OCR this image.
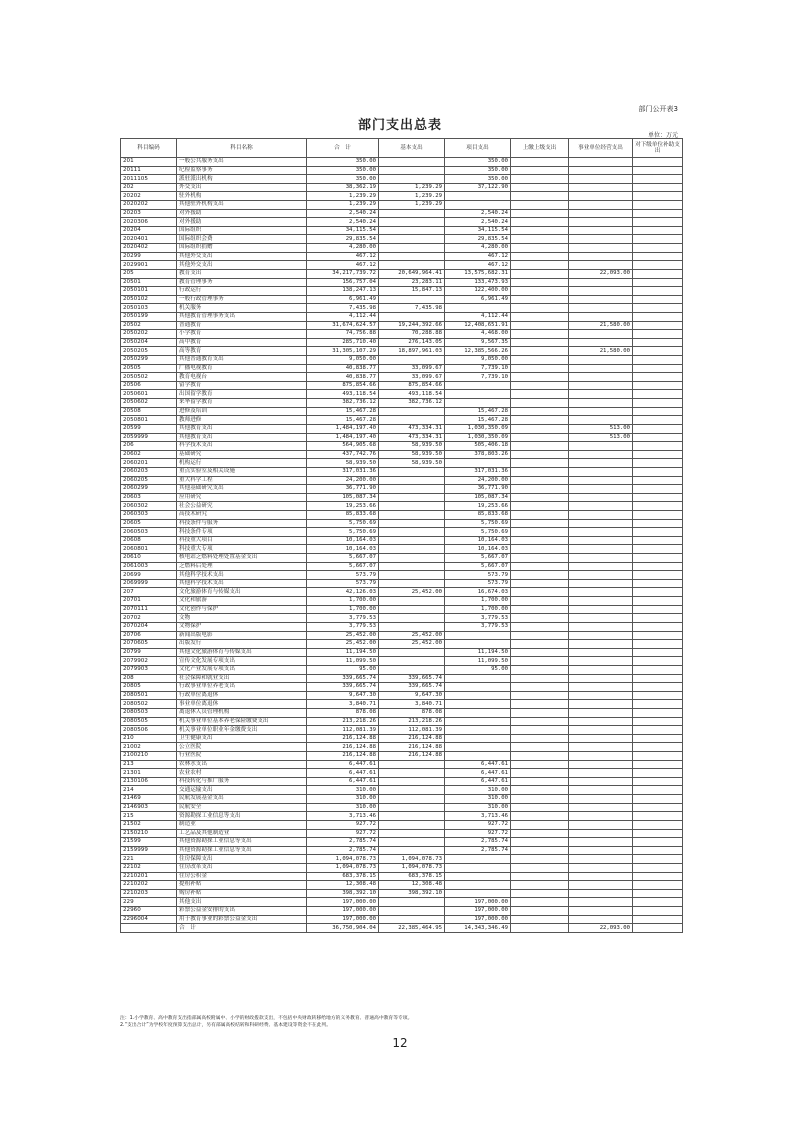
部门公开表3
部门支出总表
单位：万元
科目编码	科目名称	合　计	基本支出	项目支出	上缴上级支出	事业单位经营支出	对下级单位补助支出
201	一般公共服务支出	350.00		350.00			
20111	纪检监察事务	350.00		350.00			
2011105	派驻派出机构	350.00		350.00			
202	外交支出	38,362.19	1,239.29	37,122.90			
20202	驻外机构	1,239.29	1,239.29				
2020202	其他驻外机构支出	1,239.29	1,239.29				
20203	对外援助	2,540.24		2,540.24			
2020306	对外援助	2,540.24		2,540.24			
20204	国际组织	34,115.54		34,115.54			
2020401	国际组织会费	29,835.54		29,835.54			
2020402	国际组织捐赠	4,280.00		4,280.00			
20299	其他外交支出	467.12		467.12			
2029901	其他外交支出	467.12		467.12			
205	教育支出	34,217,739.72	20,649,964.41	13,575,682.31		22,093.00	
20501	教育管理事务	156,757.04	23,283.11	133,473.93			
2050101	行政运行	138,247.13	15,847.13	122,400.00			
2050102	一般行政管理事务	6,961.49		6,961.49			
2050103	机关服务	7,435.98	7,435.98				
2050199	其他教育管理事务支出	4,112.44		4,112.44			
20502	普通教育	31,674,624.57	19,244,392.66	12,408,651.91		21,580.00	
2050202	小学教育	74,756.88	70,288.88	4,468.00			
2050204	高中教育	285,710.40	276,143.05	9,567.35			
2050205	高等教育	31,305,107.29	18,897,961.03	12,385,566.26		21,580.00	
2050299	其他普通教育支出	9,050.00		9,050.00			
20505	广播电视教育	40,838.77	33,099.67	7,739.10			
2050502	教育电视台	40,838.77	33,099.67	7,739.10			
20506	留学教育	875,854.66	875,854.66				
2050601	出国留学教育	493,118.54	493,118.54				
2050602	来华留学教育	382,736.12	382,736.12				
20508	进修及培训	15,467.28		15,467.28			
2050801	教师进修	15,467.28		15,467.28			
20599	其他教育支出	1,484,197.40	473,334.31	1,030,350.09		513.00	
2059999	其他教育支出	1,484,197.40	473,334.31	1,030,350.09		513.00	
206	科学技术支出	564,905.68	58,939.50	505,406.18			
20602	基础研究	437,742.76	58,939.50	378,803.26			
2060201	机构运行	58,939.50	58,939.50				
2060203	重点实验室及相关设施	317,031.36		317,031.36			
2060205	重大科学工程	24,200.00		24,200.00			
2060299	其他基础研究支出	36,771.90		36,771.90			
20603	应用研究	105,087.34		105,087.34			
2060302	社会公益研究	19,253.66		19,253.66			
2060303	高技术研究	85,833.68		85,833.68			
20605	科技条件与服务	5,750.69		5,750.69			
2060503	科技条件专项	5,750.69		5,750.69			
20608	科技重大项目	10,164.03		10,164.03			
2060801	科技重大专项	10,164.03		10,164.03			
20610	核电站乏燃料处理处置基金支出	5,667.07		5,667.07			
2061003	乏燃料后处理	5,667.07		5,667.07			
20699	其他科学技术支出	573.79		573.79			
2069999	其他科学技术支出	573.79		573.79			
207	文化旅游体育与传媒支出	42,126.03	25,452.00	16,674.03			
20701	文化和旅游	1,700.00		1,700.00			
2070111	文化创作与保护	1,700.00		1,700.00			
20702	文物	3,779.53		3,779.53			
2070204	文物保护	3,779.53		3,779.53			
20706	新闻出版电影	25,452.00	25,452.00				
2070605	出版发行	25,452.00	25,452.00				
20799	其他文化旅游体育与传媒支出	11,194.50		11,194.50			
2079902	宣传文化发展专项支出	11,099.50		11,099.50			
2079903	文化产业发展专项支出	95.00		95.00			
208	社会保障和就业支出	339,665.74	339,665.74				
20805	行政事业单位养老支出	339,665.74	339,665.74				
2080501	行政单位离退休	9,647.30	9,647.30				
2080502	事业单位离退休	3,840.71	3,840.71				
2080503	离退休人员管理机构	878.08	878.08				
2080505	机关事业单位基本养老保险缴费支出	213,218.26	213,218.26				
2080506	机关事业单位职业年金缴费支出	112,081.39	112,081.39				
210	卫生健康支出	216,124.88	216,124.88				
21002	公立医院	216,124.88	216,124.88				
2100210	行业医院	216,124.88	216,124.88				
213	农林水支出	6,447.61		6,447.61			
21301	农业农村	6,447.61		6,447.61			
2130106	科技转化与推广服务	6,447.61		6,447.61			
214	交通运输支出	310.00		310.00			
21469	民航发展基金支出	310.00		310.00			
2146903	民航安全	310.00		310.00			
215	资源勘探工业信息等支出	3,713.46		3,713.46			
21502	制造业	927.72		927.72			
2150210	工艺品及其他制造业	927.72		927.72			
21599	其他资源勘探工业信息等支出	2,785.74		2,785.74			
2159999	其他资源勘探工业信息等支出	2,785.74		2,785.74			
221	住房保障支出	1,094,078.73	1,094,078.73				
22102	住房改革支出	1,094,078.73	1,094,078.73				
2210201	住房公积金	683,378.15	683,378.15				
2210202	提租补贴	12,308.48	12,308.48				
2210203	购房补贴	398,392.10	398,392.10				
229	其他支出	197,000.00		197,000.00			
22960	彩票公益金安排的支出	197,000.00		197,000.00			
2296004	用于教育事业的彩票公益金支出	197,000.00		197,000.00			
	合　计	36,750,904.04	22,385,464.95	14,343,346.49		22,093.00	
注：1.小学教育、高中教育支出指部属高校附属中、小学的财政拨款支出，不包括中央财政转移给地方的义务教育、普通高中教育等专项。
2.“支出合计”为学校年度预算支出总计，另有部属高校结转和科研经费、基本建设等资金不在此列。
12
